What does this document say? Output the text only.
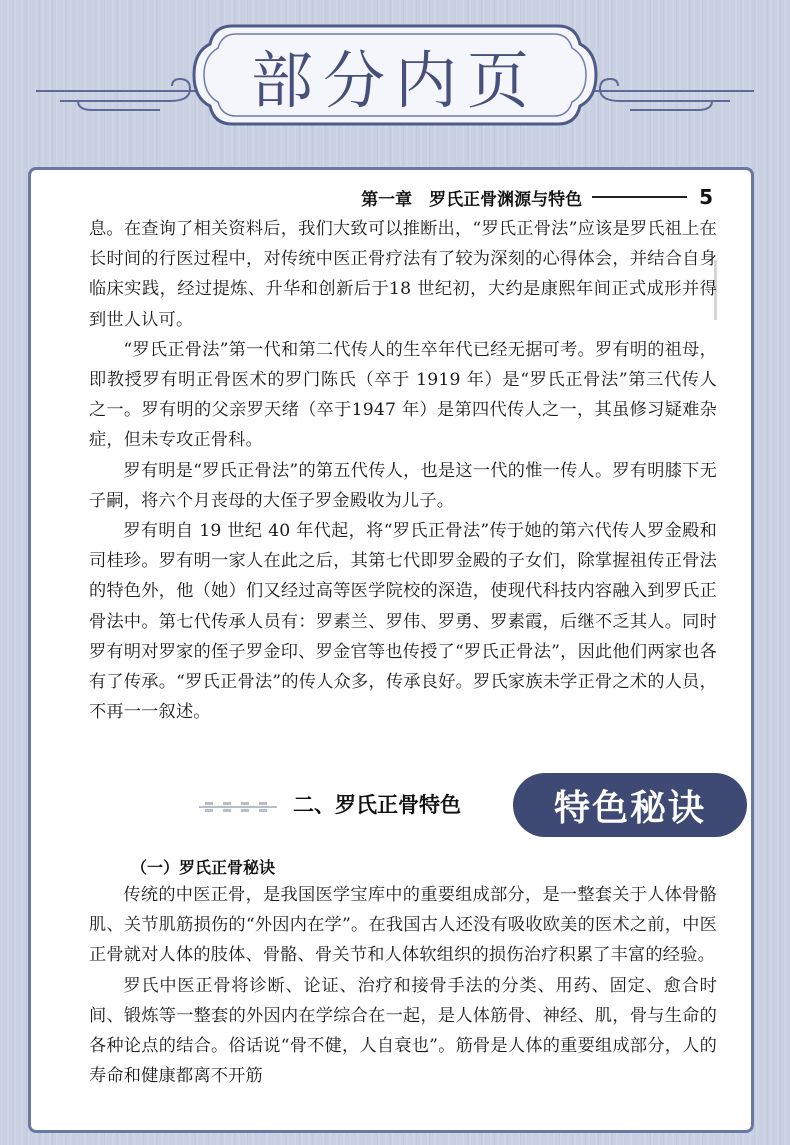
部分内页
第一章　罗氏正骨渊源与特色	5

息。在查询了相关资料后，我们大致可以推断出，“罗氏正骨法”应该是罗氏祖上在长时间的行医过程中，对传统中医正骨疗法有了较为深刻的心得体会，并结合自身临床实践，经过提炼、升华和创新后于18 世纪初，大约是康熙年间正式成形并得到世人认可。

“罗氏正骨法”第一代和第二代传人的生卒年代已经无据可考。罗有明的祖母，即教授罗有明正骨医术的罗门陈氏（卒于 1919 年）是“罗氏正骨法”第三代传人之一。罗有明的父亲罗天绪（卒于1947 年）是第四代传人之一，其虽修习疑难杂症，但未专攻正骨科。

罗有明是“罗氏正骨法”的第五代传人，也是这一代的惟一传人。罗有明膝下无子嗣，将六个月丧母的大侄子罗金殿收为儿子。

罗有明自 19 世纪 40 年代起，将“罗氏正骨法”传于她的第六代传人罗金殿和司桂珍。罗有明一家人在此之后，其第七代即罗金殿的子女们，除掌握祖传正骨法的特色外，他（她）们又经过高等医学院校的深造，使现代科技内容融入到罗氏正骨法中。第七代传承人员有：罗素兰、罗伟、罗勇、罗素霞，后继不乏其人。同时罗有明对罗家的侄子罗金印、罗金官等也传授了“罗氏正骨法”，因此他们两家也各有了传承。“罗氏正骨法”的传人众多，传承良好。罗氏家族未学正骨之术的人员，不再一一叙述。

二、罗氏正骨特色	特色秘诀
（一）罗氏正骨秘诀

传统的中医正骨，是我国医学宝库中的重要组成部分，是一整套关于人体骨骼肌、关节肌筋损伤的“外因内在学”。在我国古人还没有吸收欧美的医术之前，中医正骨就对人体的肢体、骨骼、骨关节和人体软组织的损伤治疗积累了丰富的经验。

罗氏中医正骨将诊断、论证、治疗和接骨手法的分类、用药、固定、愈合时间、锻炼等一整套的外因内在学综合在一起，是人体筋骨、神经、肌，骨与生命的各种论点的结合。俗话说“骨不健，人自衰也”。筋骨是人体的重要组成部分，人的寿命和健康都离不开筋
